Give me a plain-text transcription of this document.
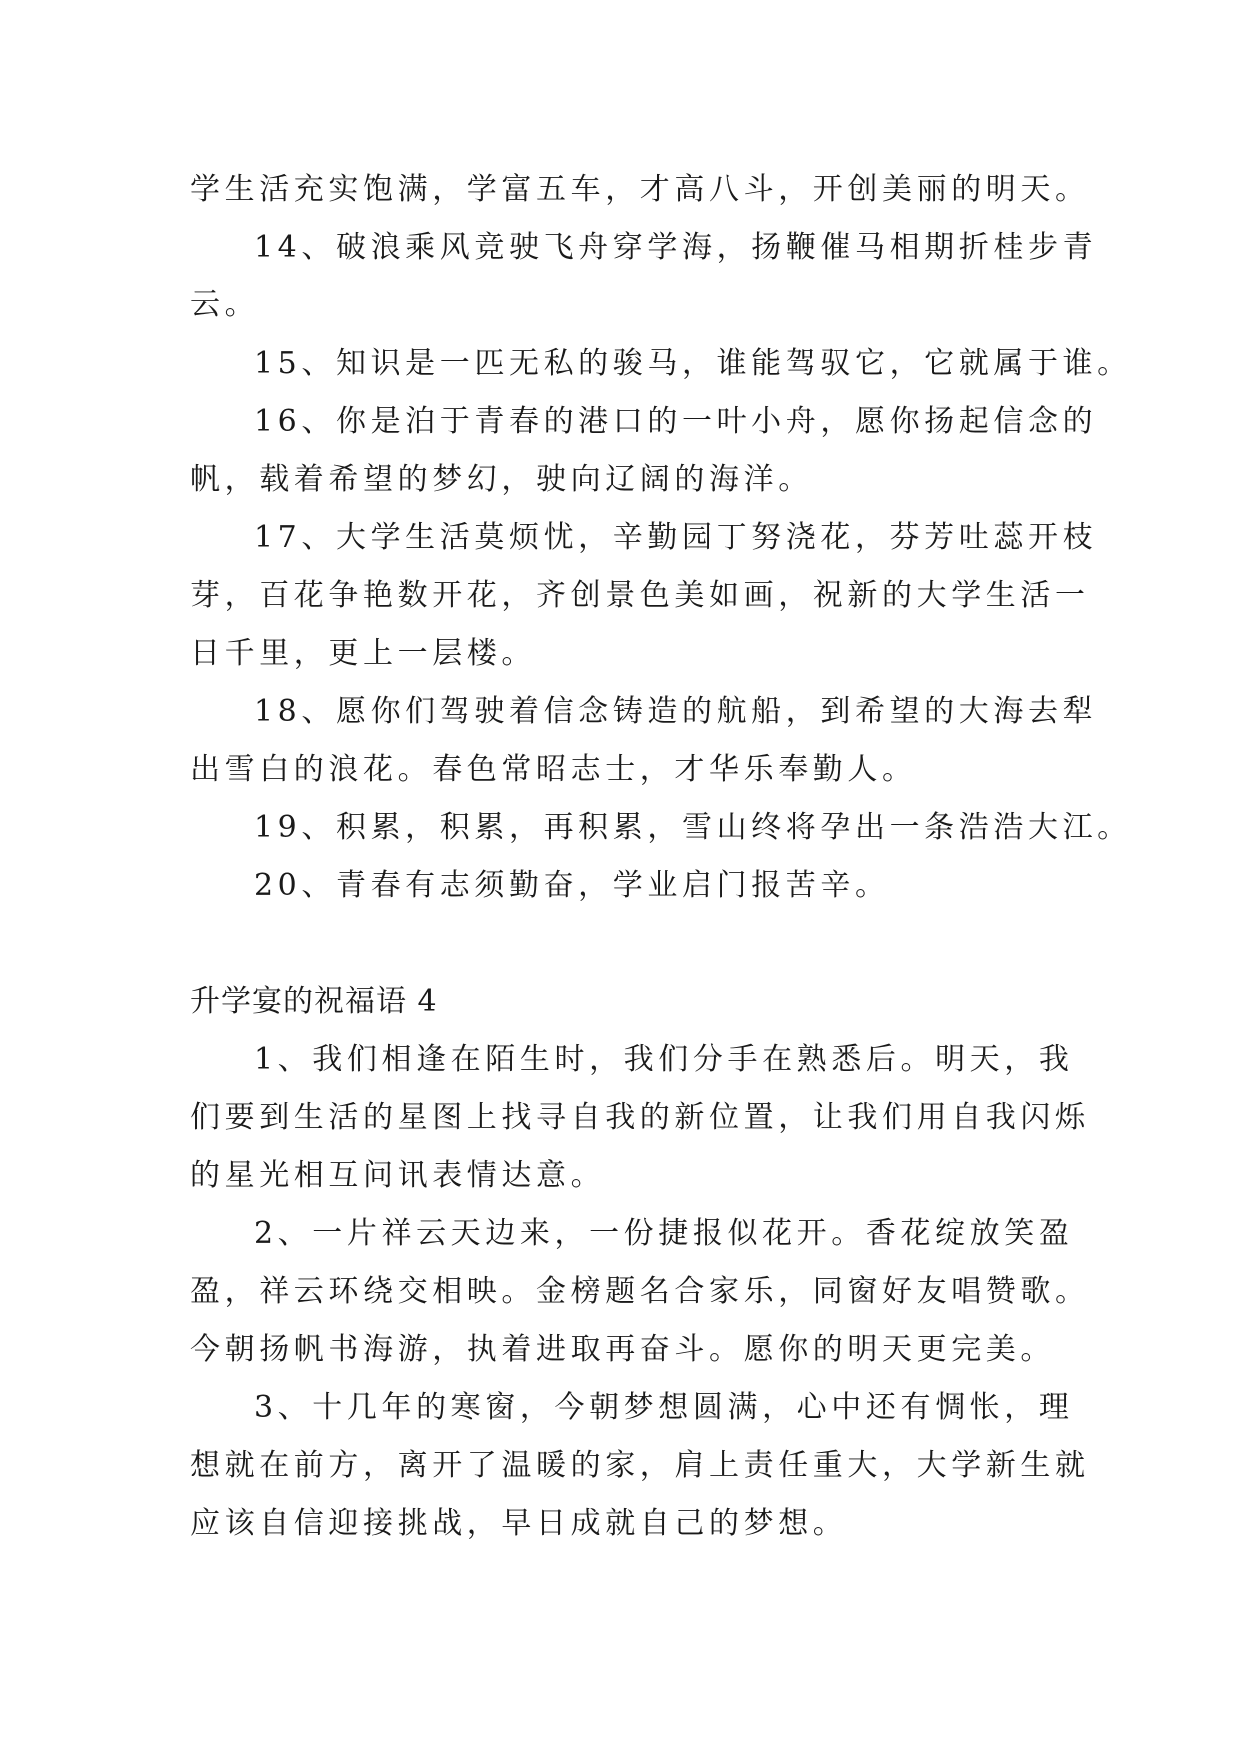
学生活充实饱满，学富五车，才高八斗，开创美丽的明天。
14、破浪乘风竞驶飞舟穿学海，扬鞭催马相期折桂步青
云。
15、知识是一匹无私的骏马，谁能驾驭它，它就属于谁。
16、你是泊于青春的港口的一叶小舟，愿你扬起信念的
帆，载着希望的梦幻，驶向辽阔的海洋。
17、大学生活莫烦忧，辛勤园丁努浇花，芬芳吐蕊开枝
芽，百花争艳数开花，齐创景色美如画，祝新的大学生活一
日千里，更上一层楼。
18、愿你们驾驶着信念铸造的航船，到希望的大海去犁
出雪白的浪花。春色常昭志士，才华乐奉勤人。
19、积累，积累，再积累，雪山终将孕出一条浩浩大江。
20、青春有志须勤奋，学业启门报苦辛。
升学宴的祝福语 4
1、我们相逢在陌生时，我们分手在熟悉后。明天，我
们要到生活的星图上找寻自我的新位置，让我们用自我闪烁
的星光相互问讯表情达意。
2、一片祥云天边来，一份捷报似花开。香花绽放笑盈
盈，祥云环绕交相映。金榜题名合家乐，同窗好友唱赞歌。
今朝扬帆书海游，执着进取再奋斗。愿你的明天更完美。
3、十几年的寒窗，今朝梦想圆满，心中还有惆怅，理
想就在前方，离开了温暖的家，肩上责任重大，大学新生就
应该自信迎接挑战，早日成就自己的梦想。
